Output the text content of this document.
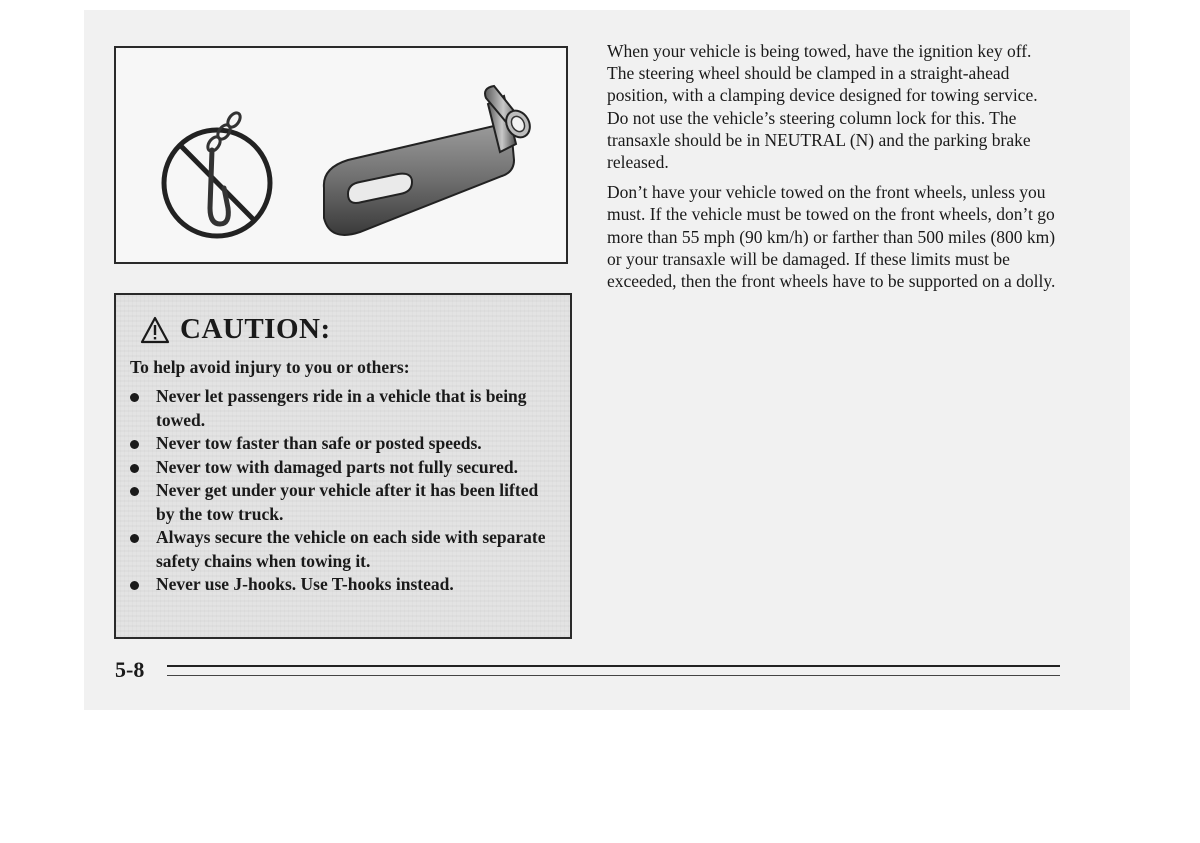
CAUTION:
To help avoid injury to you or others:
Never let passengers ride in a vehicle that is being towed.
Never tow faster than safe or posted speeds.
Never tow with damaged parts not fully secured.
Never get under your vehicle after it has been lifted by the tow truck.
Always secure the vehicle on each side with separate safety chains when towing it.
Never use J-hooks. Use T-hooks instead.

When your vehicle is being towed, have the ignition key off. The steering wheel should be clamped in a straight-ahead position, with a clamping device designed for towing service. Do not use the vehicle’s steering column lock for this. The transaxle should be in NEUTRAL (N) and the parking brake released.

Don’t have your vehicle towed on the front wheels, unless you must. If the vehicle must be towed on the front wheels, don’t go more than 55 mph (90 km/h) or farther than 500 miles (800 km) or your transaxle will be damaged. If these limits must be exceeded, then the front wheels have to be supported on a dolly.

5-8
